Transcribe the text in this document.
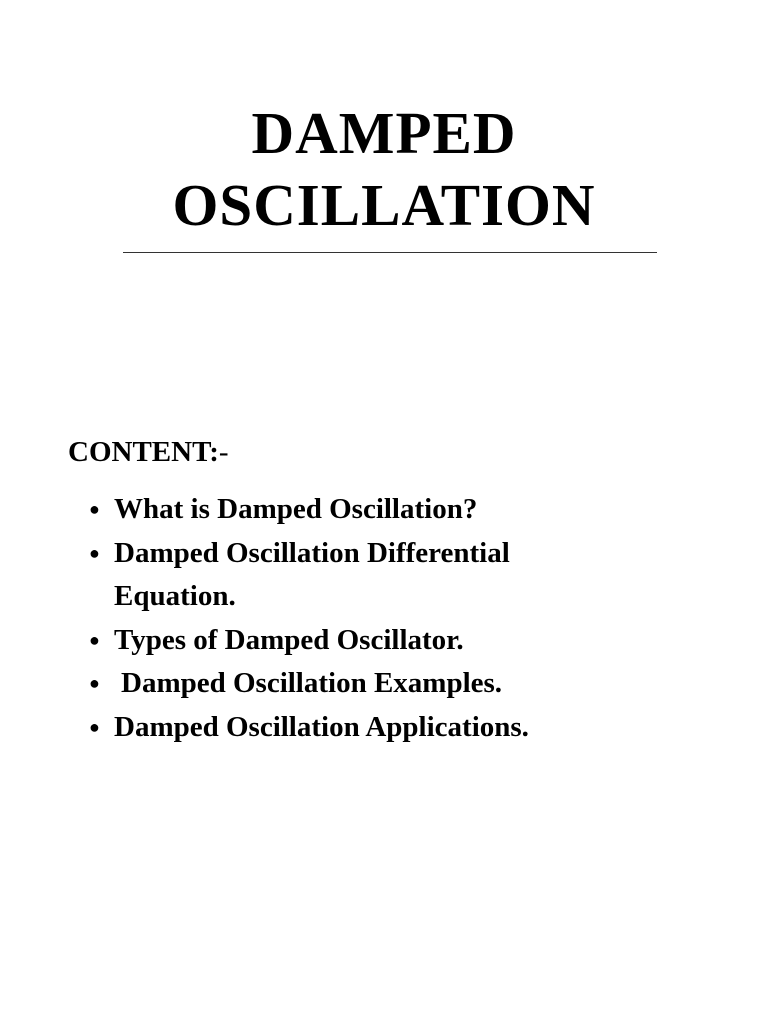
DAMPED
OSCILLATION
CONTENT:-
● What is Damped Oscillation?
● Damped Oscillation Differential
Equation.
● Types of Damped Oscillator.
● Damped Oscillation Examples.
● Damped Oscillation Applications.
